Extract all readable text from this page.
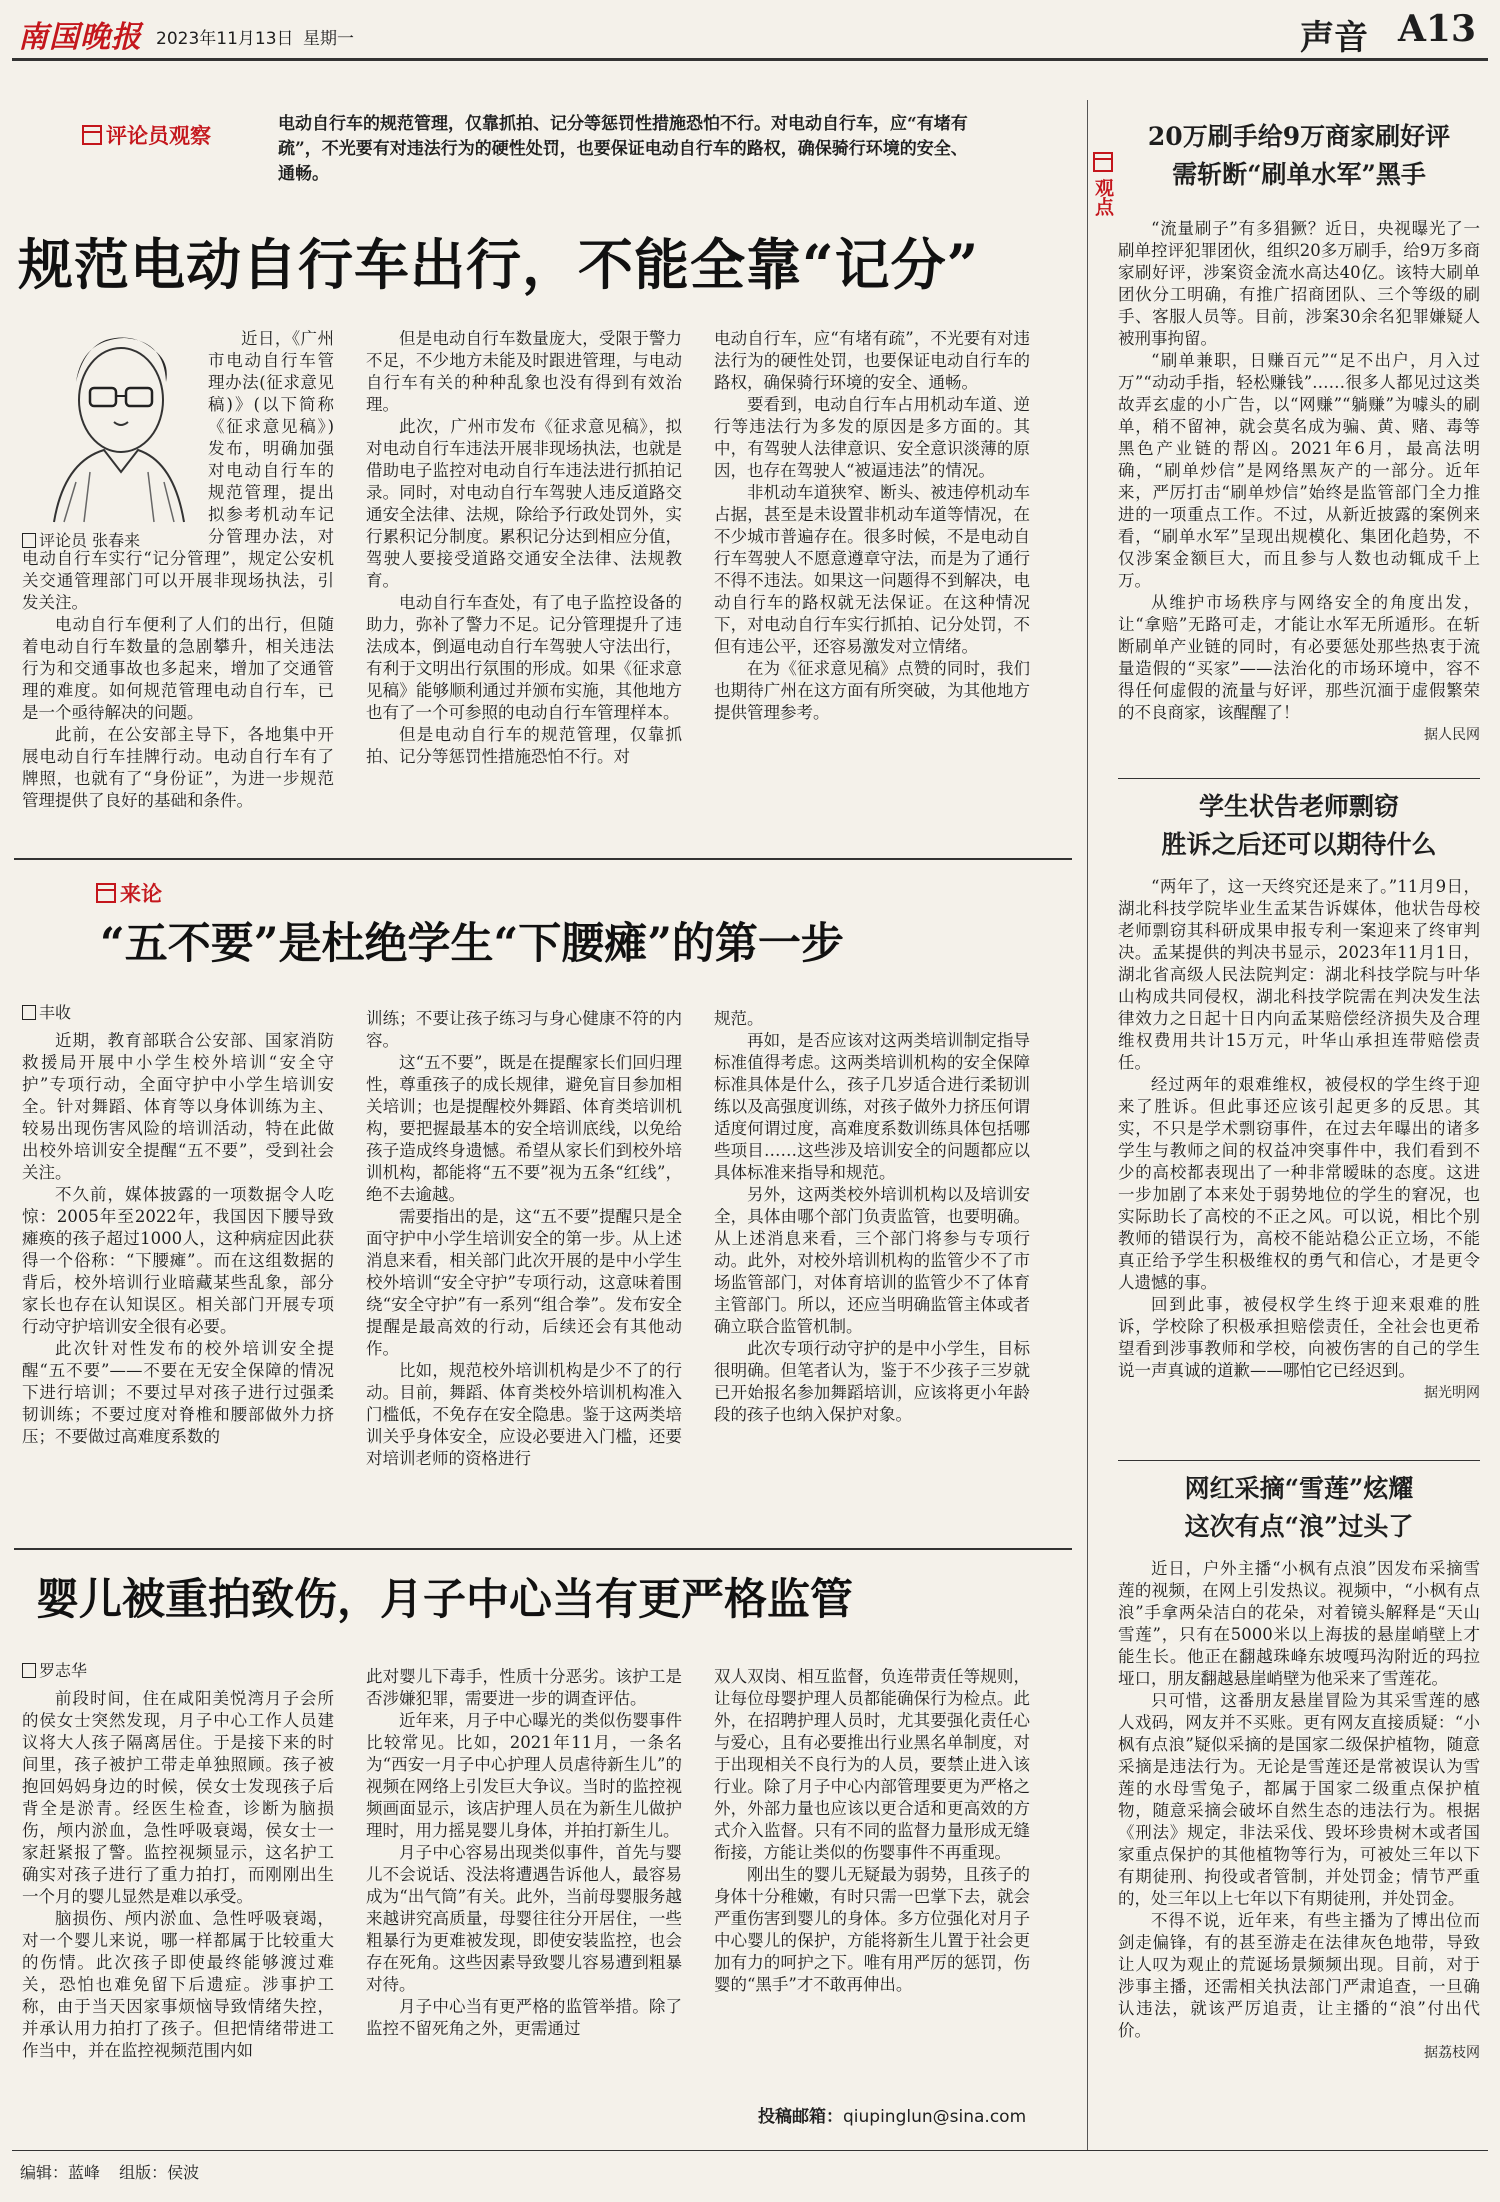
南国晚报 2023年11月13日 星期一	声音 A13
评论员观察	电动自行车的规范管理，仅靠抓拍、记分等惩罚性措施恐怕不行。对电动自行车，应“有堵有疏”，不光要有对违法行为的硬性处罚，也要保证电动自行车的路权，确保骑行环境的安全、通畅。
规范电动自行车出行，不能全靠“记分”
评论员 张春来

近日，《广州市电动自行车管理办法(征求意见稿)》(以下简称《征求意见稿》)发布，明确加强对电动自行车的规范管理，提出拟参考机动车记分管理办法，对电动自行车实行“记分管理”，规定公安机关交通管理部门可以开展非现场执法，引发关注。

电动自行车便利了人们的出行，但随着电动自行车数量的急剧攀升，相关违法行为和交通事故也多起来，增加了交通管理的难度。如何规范管理电动自行车，已是一个亟待解决的问题。

此前，在公安部主导下，各地集中开展电动自行车挂牌行动。电动自行车有了牌照，也就有了“身份证”，为进一步规范管理提供了良好的基础和条件。

但是电动自行车数量庞大，受限于警力不足，不少地方未能及时跟进管理，与电动自行车有关的种种乱象也没有得到有效治理。

此次，广州市发布《征求意见稿》，拟对电动自行车违法开展非现场执法，也就是借助电子监控对电动自行车违法进行抓拍记录。同时，对电动自行车驾驶人违反道路交通安全法律、法规，除给予行政处罚外，实行累积记分制度。累积记分达到相应分值，驾驶人要接受道路交通安全法律、法规教育。

电动自行车查处，有了电子监控设备的助力，弥补了警力不足。记分管理提升了违法成本，倒逼电动自行车驾驶人守法出行，有利于文明出行氛围的形成。如果《征求意见稿》能够顺利通过并颁布实施，其他地方也有了一个可参照的电动自行车管理样本。

但是电动自行车的规范管理，仅靠抓拍、记分等惩罚性措施恐怕不行。对

电动自行车，应“有堵有疏”，不光要有对违法行为的硬性处罚，也要保证电动自行车的路权，确保骑行环境的安全、通畅。

要看到，电动自行车占用机动车道、逆行等违法行为多发的原因是多方面的。其中，有驾驶人法律意识、安全意识淡薄的原因，也存在驾驶人“被逼违法”的情况。

非机动车道狭窄、断头、被违停机动车占据，甚至是未设置非机动车道等情况，在不少城市普遍存在。很多时候，不是电动自行车驾驶人不愿意遵章守法，而是为了通行不得不违法。如果这一问题得不到解决，电动自行车的路权就无法保证。在这种情况下，对电动自行车实行抓拍、记分处罚，不但有违公平，还容易激发对立情绪。

在为《征求意见稿》点赞的同时，我们也期待广州在这方面有所突破，为其他地方提供管理参考。

来论
“五不要”是杜绝学生“下腰瘫”的第一步
丰收

近期，教育部联合公安部、国家消防救援局开展中小学生校外培训“安全守护”专项行动，全面守护中小学生培训安全。针对舞蹈、体育等以身体训练为主、较易出现伤害风险的培训活动，特在此做出校外培训安全提醒“五不要”，受到社会关注。

不久前，媒体披露的一项数据令人吃惊：2005年至2022年，我国因下腰导致瘫痪的孩子超过1000人，这种病症因此获得一个俗称：“下腰瘫”。而在这组数据的背后，校外培训行业暗藏某些乱象，部分家长也存在认知误区。相关部门开展专项行动守护培训安全很有必要。

此次针对性发布的校外培训安全提醒“五不要”——不要在无安全保障的情况下进行培训；不要过早对孩子进行过强柔韧训练；不要过度对脊椎和腰部做外力挤压；不要做过高难度系数的

训练；不要让孩子练习与身心健康不符的内容。

这“五不要”，既是在提醒家长们回归理性，尊重孩子的成长规律，避免盲目参加相关培训；也是提醒校外舞蹈、体育类培训机构，要把握最基本的安全培训底线，以免给孩子造成终身遗憾。希望从家长们到校外培训机构，都能将“五不要”视为五条“红线”，绝不去逾越。

需要指出的是，这“五不要”提醒只是全面守护中小学生培训安全的第一步。从上述消息来看，相关部门此次开展的是中小学生校外培训“安全守护”专项行动，这意味着围绕“安全守护”有一系列“组合拳”。发布安全提醒是最高效的行动，后续还会有其他动作。

比如，规范校外培训机构是少不了的行动。目前，舞蹈、体育类校外培训机构准入门槛低，不免存在安全隐患。鉴于这两类培训关乎身体安全，应设必要进入门槛，还要对培训老师的资格进行

规范。

再如，是否应该对这两类培训制定指导标准值得考虑。这两类培训机构的安全保障标准具体是什么，孩子几岁适合进行柔韧训练以及高强度训练，对孩子做外力挤压何谓适度何谓过度，高难度系数训练具体包括哪些项目……这些涉及培训安全的问题都应以具体标准来指导和规范。

另外，这两类校外培训机构以及培训安全，具体由哪个部门负责监管，也要明确。从上述消息来看，三个部门将参与专项行动。此外，对校外培训机构的监管少不了市场监管部门，对体育培训的监管少不了体育主管部门。所以，还应当明确监管主体或者确立联合监管机制。

此次专项行动守护的是中小学生，目标很明确。但笔者认为，鉴于不少孩子三岁就已开始报名参加舞蹈培训，应该将更小年龄段的孩子也纳入保护对象。

婴儿被重拍致伤，月子中心当有更严格监管
罗志华

前段时间，住在咸阳美悦湾月子会所的侯女士突然发现，月子中心工作人员建议将大人孩子隔离居住。于是接下来的时间里，孩子被护工带走单独照顾。孩子被抱回妈妈身边的时候，侯女士发现孩子后背全是淤青。经医生检查，诊断为脑损伤，颅内淤血，急性呼吸衰竭，侯女士一家赶紧报了警。监控视频显示，这名护工确实对孩子进行了重力拍打，而刚刚出生一个月的婴儿显然是难以承受。

脑损伤、颅内淤血、急性呼吸衰竭，对一个婴儿来说，哪一样都属于比较重大的伤情。此次孩子即使最终能够渡过难关，恐怕也难免留下后遗症。涉事护工称，由于当天因家事烦恼导致情绪失控，并承认用力拍打了孩子。但把情绪带进工作当中，并在监控视频范围内如

此对婴儿下毒手，性质十分恶劣。该护工是否涉嫌犯罪，需要进一步的调查评估。

近年来，月子中心曝光的类似伤婴事件比较常见。比如，2021年11月，一条名为“西安一月子中心护理人员虐待新生儿”的视频在网络上引发巨大争议。当时的监控视频画面显示，该店护理人员在为新生儿做护理时，用力摇晃婴儿身体，并拍打新生儿。

月子中心容易出现类似事件，首先与婴儿不会说话、没法将遭遇告诉他人，最容易成为“出气筒”有关。此外，当前母婴服务越来越讲究高质量，母婴往往分开居住，一些粗暴行为更难被发现，即使安装监控，也会存在死角。这些因素导致婴儿容易遭到粗暴对待。

月子中心当有更严格的监管举措。除了监控不留死角之外，更需通过

双人双岗、相互监督，负连带责任等规则，让每位母婴护理人员都能确保行为检点。此外，在招聘护理人员时，尤其要强化责任心与爱心，且有必要推出行业黑名单制度，对于出现相关不良行为的人员，要禁止进入该行业。除了月子中心内部管理要更为严格之外，外部力量也应该以更合适和更高效的方式介入监督。只有不同的监督力量形成无缝衔接，方能让类似的伤婴事件不再重现。

刚出生的婴儿无疑最为弱势，且孩子的身体十分稚嫩，有时只需一巴掌下去，就会严重伤害到婴儿的身体。多方位强化对月子中心婴儿的保护，方能将新生儿置于社会更加有力的呵护之下。唯有用严厉的惩罚，伤婴的“黑手”才不敢再伸出。

投稿邮箱：qiupinglun@sina.com
观点
20万刷手给9万商家刷好评
需斩断“刷单水军”黑手

“流量刷子”有多猖獗？近日，央视曝光了一刷单控评犯罪团伙，组织20多万刷手，给9万多商家刷好评，涉案资金流水高达40亿。该特大刷单团伙分工明确，有推广招商团队、三个等级的刷手、客服人员等。目前，涉案30余名犯罪嫌疑人被刑事拘留。

“刷单兼职，日赚百元”“足不出户，月入过万”“动动手指，轻松赚钱”……很多人都见过这类故弄玄虚的小广告，以“网赚”“躺赚”为噱头的刷单，稍不留神，就会莫名成为骗、黄、赌、毒等黑色产业链的帮凶。2021年6月，最高法明确，“刷单炒信”是网络黑灰产的一部分。近年来，严厉打击“刷单炒信”始终是监管部门全力推进的一项重点工作。不过，从新近披露的案例来看，“刷单水军”呈现出规模化、集团化趋势，不仅涉案金额巨大，而且参与人数也动辄成千上万。

从维护市场秩序与网络安全的角度出发，让“拿赔”无路可走，才能让水军无所遁形。在斩断刷单产业链的同时，有必要惩处那些热衷于流量造假的“买家”——法治化的市场环境中，容不得任何虚假的流量与好评，那些沉湎于虚假繁荣的不良商家，该醒醒了！

据人民网
学生状告老师剽窃
胜诉之后还可以期待什么

“两年了，这一天终究还是来了。”11月9日，湖北科技学院毕业生孟某告诉媒体，他状告母校老师剽窃其科研成果申报专利一案迎来了终审判决。孟某提供的判决书显示，2023年11月1日，湖北省高级人民法院判定：湖北科技学院与叶华山构成共同侵权，湖北科技学院需在判决发生法律效力之日起十日内向孟某赔偿经济损失及合理维权费用共计15万元，叶华山承担连带赔偿责任。

经过两年的艰难维权，被侵权的学生终于迎来了胜诉。但此事还应该引起更多的反思。其实，不只是学术剽窃事件，在过去年曝出的诸多学生与教师之间的权益冲突事件中，我们看到不少的高校都表现出了一种非常暧昧的态度。这进一步加剧了本来处于弱势地位的学生的窘况，也实际助长了高校的不正之风。可以说，相比个别教师的错误行为，高校不能站稳公正立场，不能真正给予学生积极维权的勇气和信心，才是更令人遗憾的事。

回到此事，被侵权学生终于迎来艰难的胜诉，学校除了积极承担赔偿责任，全社会也更希望看到涉事教师和学校，向被伤害的自己的学生说一声真诚的道歉——哪怕它已经迟到。

据光明网
网红采摘“雪莲”炫耀
这次有点“浪”过头了

近日，户外主播“小枫有点浪”因发布采摘雪莲的视频，在网上引发热议。视频中，“小枫有点浪”手拿两朵洁白的花朵，对着镜头解释是“天山雪莲”，只有在5000米以上海拔的悬崖峭壁上才能生长。他正在翻越珠峰东坡嘎玛沟附近的玛拉垭口，朋友翻越悬崖峭壁为他采来了雪莲花。

只可惜，这番朋友悬崖冒险为其采雪莲的感人戏码，网友并不买账。更有网友直接质疑：“小枫有点浪”疑似采摘的是国家二级保护植物，随意采摘是违法行为。无论是雪莲还是常被误认为雪莲的水母雪兔子，都属于国家二级重点保护植物，随意采摘会破坏自然生态的违法行为。根据《刑法》规定，非法采伐、毁坏珍贵树木或者国家重点保护的其他植物等行为，可被处三年以下有期徒刑、拘役或者管制，并处罚金；情节严重的，处三年以上七年以下有期徒刑，并处罚金。

不得不说，近年来，有些主播为了博出位而剑走偏锋，有的甚至游走在法律灰色地带，导致让人叹为观止的荒诞场景频频出现。目前，对于涉事主播，还需相关执法部门严肃追查，一旦确认违法，就该严厉追责，让主播的“浪”付出代价。

据荔枝网
编辑：蓝峰 组版：侯波
